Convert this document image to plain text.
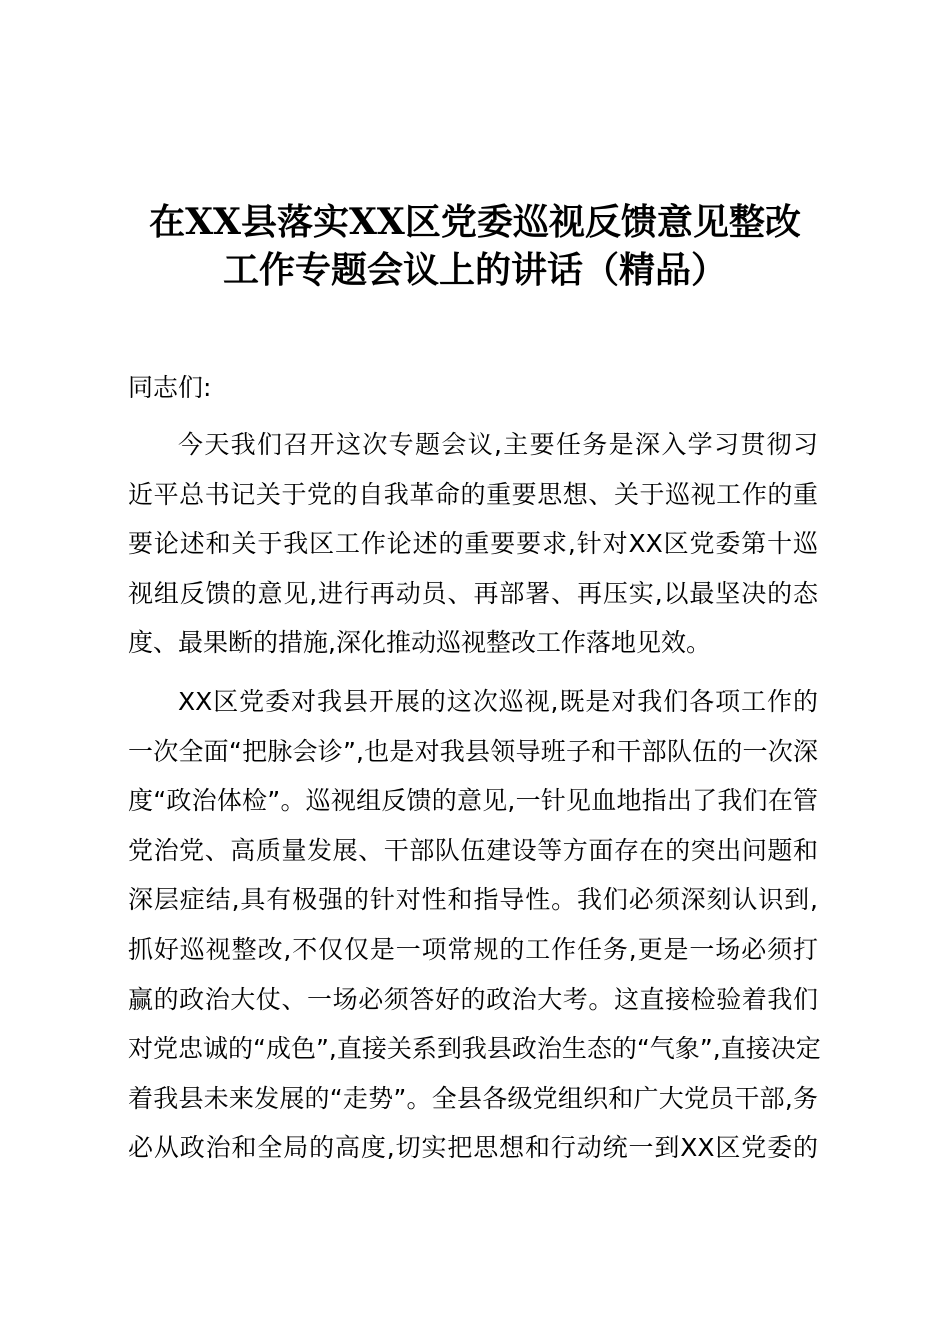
在XX县落实XX区党委巡视反馈意见整改
工作专题会议上的讲话（精品）
同志们:
今天我们召开这次专题会议,主要任务是深入学习贯彻习
近平总书记关于党的自我革命的重要思想、关于巡视工作的重
要论述和关于我区工作论述的重要要求,针对XX区党委第十巡
视组反馈的意见,进行再动员、再部署、再压实,以最坚决的态
度、最果断的措施,深化推动巡视整改工作落地见效。
XX区党委对我县开展的这次巡视,既是对我们各项工作的
一次全面“把脉会诊”,也是对我县领导班子和干部队伍的一次深
度“政治体检”。巡视组反馈的意见,一针见血地指出了我们在管
党治党、高质量发展、干部队伍建设等方面存在的突出问题和
深层症结,具有极强的针对性和指导性。我们必须深刻认识到,
抓好巡视整改,不仅仅是一项常规的工作任务,更是一场必须打
赢的政治大仗、一场必须答好的政治大考。这直接检验着我们
对党忠诚的“成色”,直接关系到我县政治生态的“气象”,直接决定
着我县未来发展的“走势”。全县各级党组织和广大党员干部,务
必从政治和全局的高度,切实把思想和行动统一到XX区党委的
